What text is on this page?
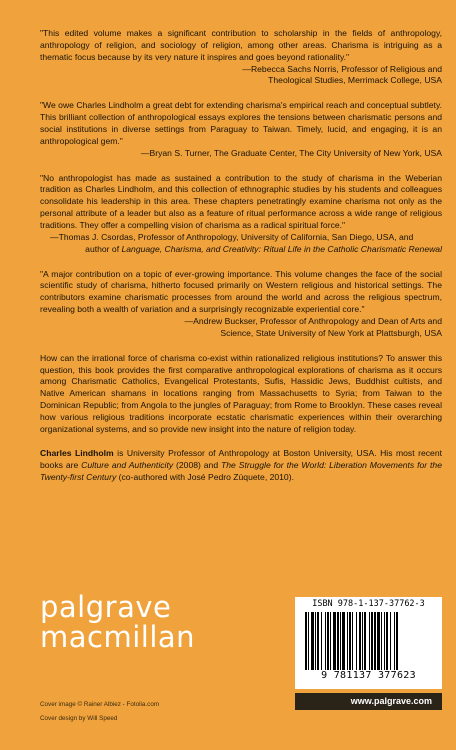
"This edited volume makes a significant contribution to scholarship in the fields of anthropology, anthropology of religion, and sociology of religion, among other areas. Charisma is intriguing as a thematic focus because by its very nature it inspires and goes beyond rationality."

—Rebecca Sachs Norris, Professor of Religious and

Theological Studies, Merrimack College, USA

"We owe Charles Lindholm a great debt for extending charisma's empirical reach and conceptual subtlety. This brilliant collection of anthropological essays explores the tensions between charismatic persons and social institutions in diverse settings from Paraguay to Taiwan. Timely, lucid, and engaging, it is an anthropological gem."

—Bryan S. Turner, The Graduate Center, The City University of New York, USA

"No anthropologist has made as sustained a contribution to the study of charisma in the Weberian tradition as Charles Lindholm, and this collection of ethnographic studies by his students and colleagues consolidate his leadership in this area. These chapters penetratingly examine charisma not only as the personal attribute of a leader but also as a feature of ritual performance across a wide range of religious traditions. They offer a compelling vision of charisma as a radical spiritual force."

—Thomas J. Csordas, Professor of Anthropology, University of California, San Diego, USA, and

author of Language, Charisma, and Creativity: Ritual Life in the Catholic Charismatic Renewal

"A major contribution on a topic of ever-growing importance. This volume changes the face of the social scientific study of charisma, hitherto focused primarily on Western religious and historical settings. The contributors examine charismatic processes from around the world and across the religious spectrum, revealing both a wealth of variation and a surprisingly recognizable experiential core."

—Andrew Buckser, Professor of Anthropology and Dean of Arts and

Science, State University of New York at Plattsburgh, USA

How can the irrational force of charisma co-exist within rationalized religious institutions? To answer this question, this book provides the first comparative anthropological explorations of charisma as it occurs among Charismatic Catholics, Evangelical Protestants, Sufis, Hassidic Jews, Buddhist cultists, and Native American shamans in locations ranging from Massachusetts to Syria; from Taiwan to the Dominican Republic; from Angola to the jungles of Paraguay; from Rome to Brooklyn. These cases reveal how various religious traditions incorporate ecstatic charismatic experiences within their overarching organizational systems, and so provide new insight into the nature of religion today.

Charles Lindholm is University Professor of Anthropology at Boston University, USA. His most recent books are Culture and Authenticity (2008) and The Struggle for the World: Liberation Movements for the Twenty-first Century (co-authored with José Pedro Zúquete, 2010).

palgrave
macmillan
Cover image © Rainer Albiez - Fotolia.com
Cover design by Will Speed
ISBN 978-1-137-37762-3
9 781137 377623
www.palgrave.com
